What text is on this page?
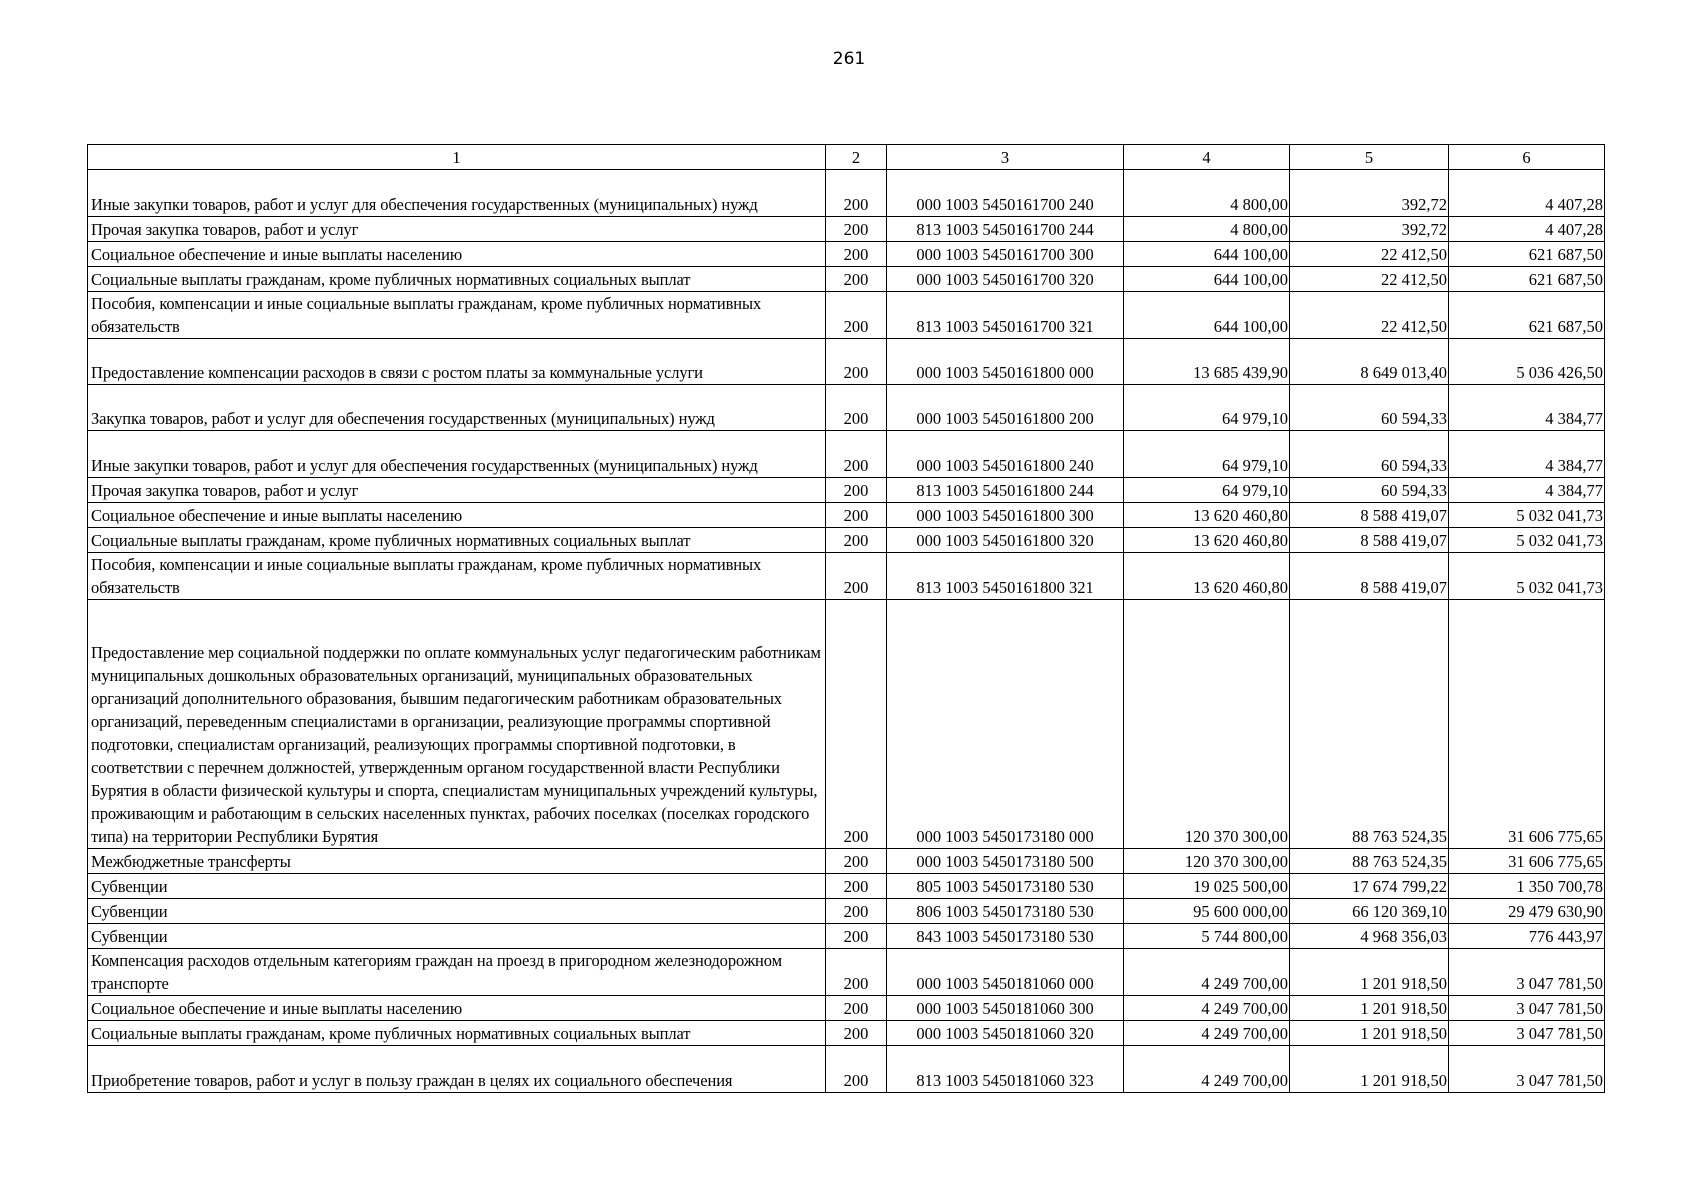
261
1	2	3	4	5	6
Иные закупки товаров, работ и услуг для обеспечения государственных (муниципальных) нужд	200	000 1003 5450161700 240	4 800,00	392,72	4 407,28
Прочая закупка товаров, работ и услуг	200	813 1003 5450161700 244	4 800,00	392,72	4 407,28
Социальное обеспечение и иные выплаты населению	200	000 1003 5450161700 300	644 100,00	22 412,50	621 687,50
Социальные выплаты гражданам, кроме публичных нормативных социальных выплат	200	000 1003 5450161700 320	644 100,00	22 412,50	621 687,50
Пособия, компенсации и иные социальные выплаты гражданам, кроме публичных нормативных обязательств	200	813 1003 5450161700 321	644 100,00	22 412,50	621 687,50
Предоставление компенсации расходов в связи с ростом платы за коммунальные услуги	200	000 1003 5450161800 000	13 685 439,90	8 649 013,40	5 036 426,50
Закупка товаров, работ и услуг для обеспечения государственных (муниципальных) нужд	200	000 1003 5450161800 200	64 979,10	60 594,33	4 384,77
Иные закупки товаров, работ и услуг для обеспечения государственных (муниципальных) нужд	200	000 1003 5450161800 240	64 979,10	60 594,33	4 384,77
Прочая закупка товаров, работ и услуг	200	813 1003 5450161800 244	64 979,10	60 594,33	4 384,77
Социальное обеспечение и иные выплаты населению	200	000 1003 5450161800 300	13 620 460,80	8 588 419,07	5 032 041,73
Социальные выплаты гражданам, кроме публичных нормативных социальных выплат	200	000 1003 5450161800 320	13 620 460,80	8 588 419,07	5 032 041,73
Пособия, компенсации и иные социальные выплаты гражданам, кроме публичных нормативных обязательств	200	813 1003 5450161800 321	13 620 460,80	8 588 419,07	5 032 041,73
Предоставление мер социальной поддержки по оплате коммунальных услуг педагогическим работникам муниципальных дошкольных образовательных организаций, муниципальных образовательных организаций дополнительного образования, бывшим педагогическим работникам образовательных организаций, переведенным специалистами в организации, реализующие программы спортивной подготовки, специалистам организаций, реализующих программы спортивной подготовки, в соответствии с перечнем должностей, утвержденным органом государственной власти Республики Бурятия в области физической культуры и спорта, специалистам муниципальных учреждений культуры, проживающим и работающим в сельских населенных пунктах, рабочих поселках (поселках городского типа) на территории Республики Бурятия	200	000 1003 5450173180 000	120 370 300,00	88 763 524,35	31 606 775,65
Межбюджетные трансферты	200	000 1003 5450173180 500	120 370 300,00	88 763 524,35	31 606 775,65
Субвенции	200	805 1003 5450173180 530	19 025 500,00	17 674 799,22	1 350 700,78
Субвенции	200	806 1003 5450173180 530	95 600 000,00	66 120 369,10	29 479 630,90
Субвенции	200	843 1003 5450173180 530	5 744 800,00	4 968 356,03	776 443,97
Компенсация расходов отдельным категориям граждан на проезд в пригородном железнодорожном транспорте	200	000 1003 5450181060 000	4 249 700,00	1 201 918,50	3 047 781,50
Социальное обеспечение и иные выплаты населению	200	000 1003 5450181060 300	4 249 700,00	1 201 918,50	3 047 781,50
Социальные выплаты гражданам, кроме публичных нормативных социальных выплат	200	000 1003 5450181060 320	4 249 700,00	1 201 918,50	3 047 781,50
Приобретение товаров, работ и услуг в пользу граждан в целях их социального обеспечения	200	813 1003 5450181060 323	4 249 700,00	1 201 918,50	3 047 781,50
